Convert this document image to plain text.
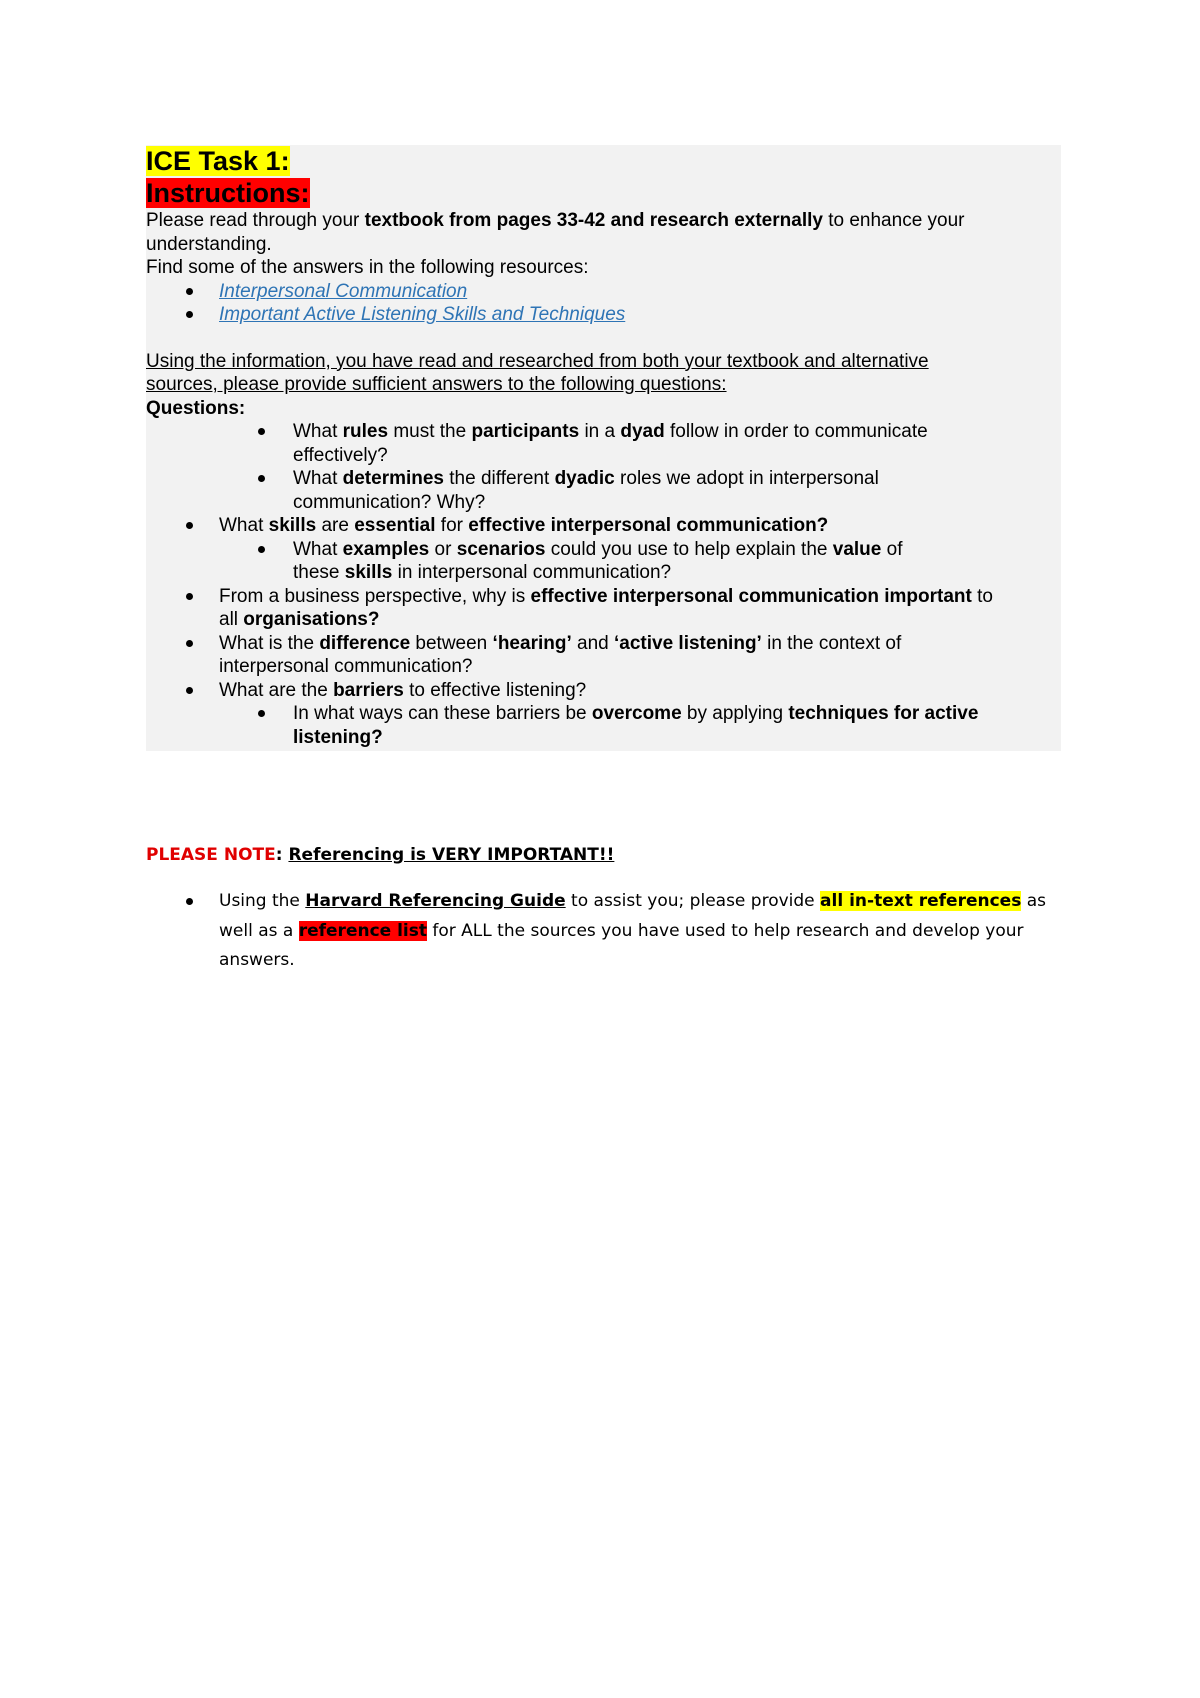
ICE Task 1:
Instructions:
Please read through your textbook from pages 33-42 and research externally to enhance your
understanding.
Find some of the answers in the following resources:
Interpersonal Communication
Important Active Listening Skills and Techniques
Using the information, you have read and researched from both your textbook and alternative
sources, please provide sufficient answers to the following questions:
Questions:
What rules must the participants in a dyad follow in order to communicate
effectively?
What determines the different dyadic roles we adopt in interpersonal
communication? Why?
What skills are essential for effective interpersonal communication?
What examples or scenarios could you use to help explain the value of
these skills in interpersonal communication?
From a business perspective, why is effective interpersonal communication important to
all organisations?
What is the difference between ‘hearing’ and ‘active listening’ in the context of
interpersonal communication?
What are the barriers to effective listening?
In what ways can these barriers be overcome by applying techniques for active
listening?
PLEASE NOTE: Referencing is VERY IMPORTANT!!
Using the Harvard Referencing Guide to assist you; please provide all in-text references as
well as a reference list for ALL the sources you have used to help research and develop your
answers.
